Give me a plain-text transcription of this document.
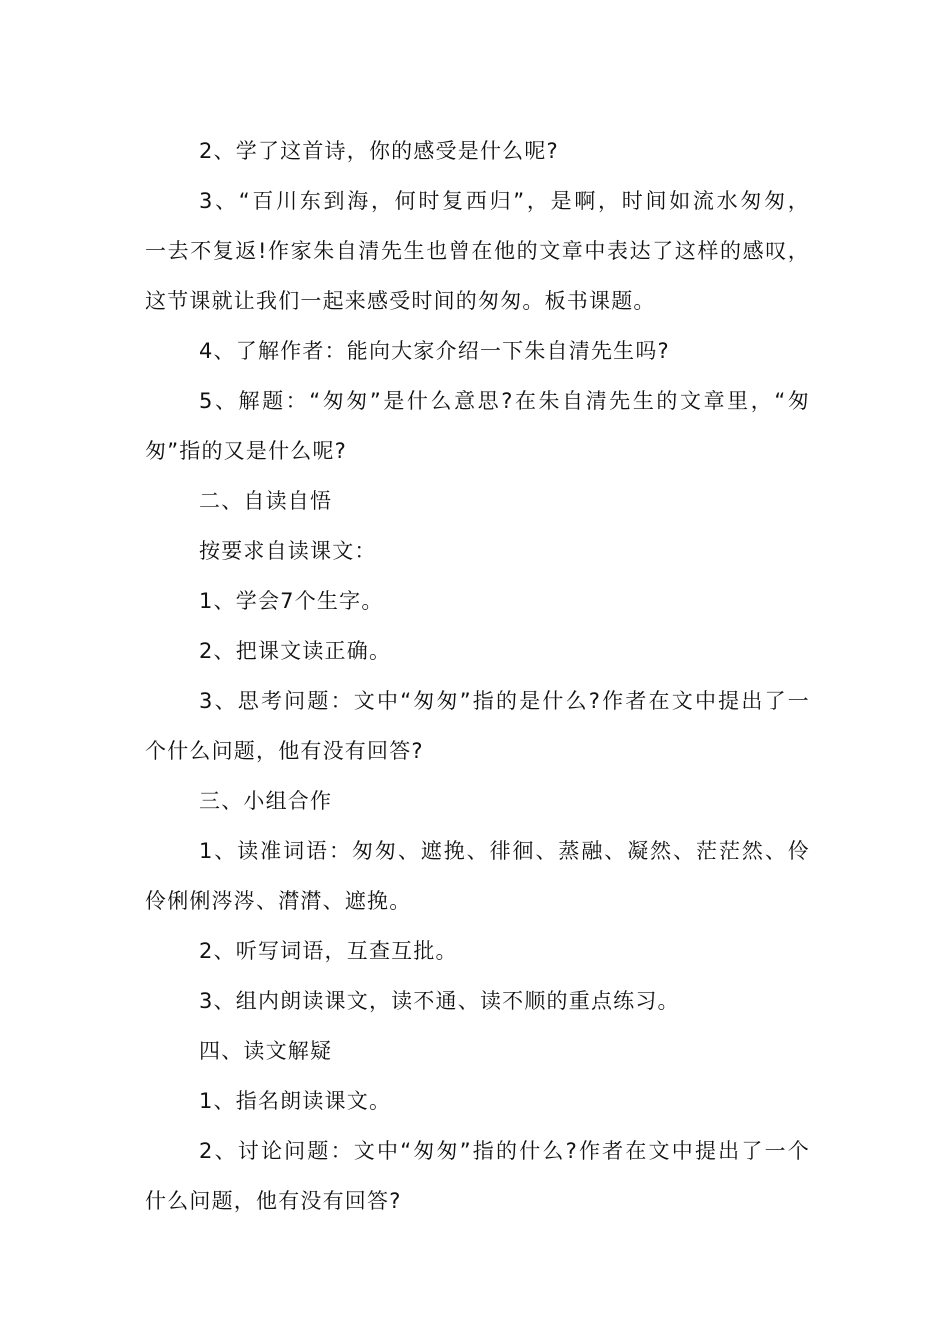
2、学了这首诗，你的感受是什么呢?
3、“百川东到海，何时复西归”，是啊，时间如流水匆匆，
一去不复返!作家朱自清先生也曾在他的文章中表达了这样的感叹，
这节课就让我们一起来感受时间的匆匆。板书课题。
4、了解作者：能向大家介绍一下朱自清先生吗?
5、解题：“匆匆”是什么意思?在朱自清先生的文章里，“匆
匆”指的又是什么呢?
二、自读自悟
按要求自读课文：
1、学会7个生字。
2、把课文读正确。
3、思考问题：文中“匆匆”指的是什么?作者在文中提出了一
个什么问题，他有没有回答?
三、小组合作
1、读准词语：匆匆、遮挽、徘徊、蒸融、凝然、茫茫然、伶
伶俐俐涔涔、潸潸、遮挽。
2、听写词语，互查互批。
3、组内朗读课文，读不通、读不顺的重点练习。
四、读文解疑
1、指名朗读课文。
2、讨论问题：文中“匆匆”指的什么?作者在文中提出了一个
什么问题，他有没有回答?
